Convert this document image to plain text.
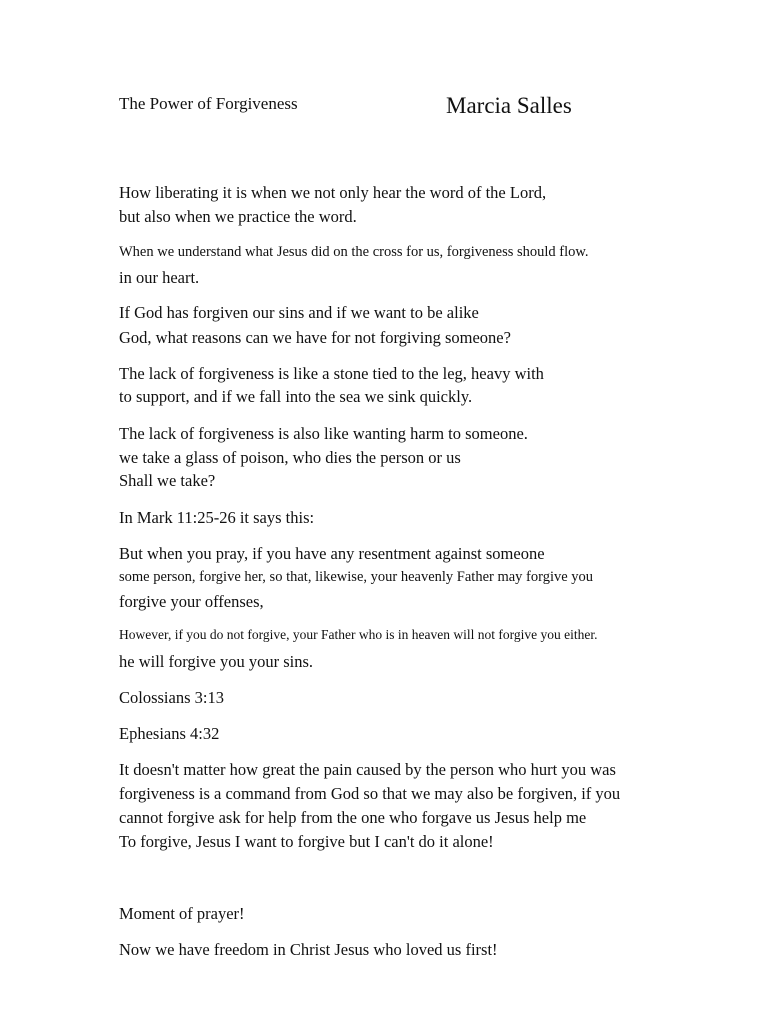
The Power of Forgiveness	Marcia Salles

How liberating it is when we not only hear the word of the Lord,

but also when we practice the word.

When we understand what Jesus did on the cross for us, forgiveness should flow.

in our heart.

If God has forgiven our sins and if we want to be alike

God, what reasons can we have for not forgiving someone?

The lack of forgiveness is like a stone tied to the leg, heavy with

to support, and if we fall into the sea we sink quickly.

The lack of forgiveness is also like wanting harm to someone.

we take a glass of poison, who dies the person or us

Shall we take?

In Mark 11:25-26 it says this:

But when you pray, if you have any resentment against someone

some person, forgive her, so that, likewise, your heavenly Father may forgive you

forgive your offenses,

However, if you do not forgive, your Father who is in heaven will not forgive you either.

he will forgive you your sins.

Colossians 3:13

Ephesians 4:32

It doesn't matter how great the pain caused by the person who hurt you was

forgiveness is a command from God so that we may also be forgiven, if you

cannot forgive ask for help from the one who forgave us Jesus help me

To forgive, Jesus I want to forgive but I can't do it alone!

Moment of prayer!

Now we have freedom in Christ Jesus who loved us first!
